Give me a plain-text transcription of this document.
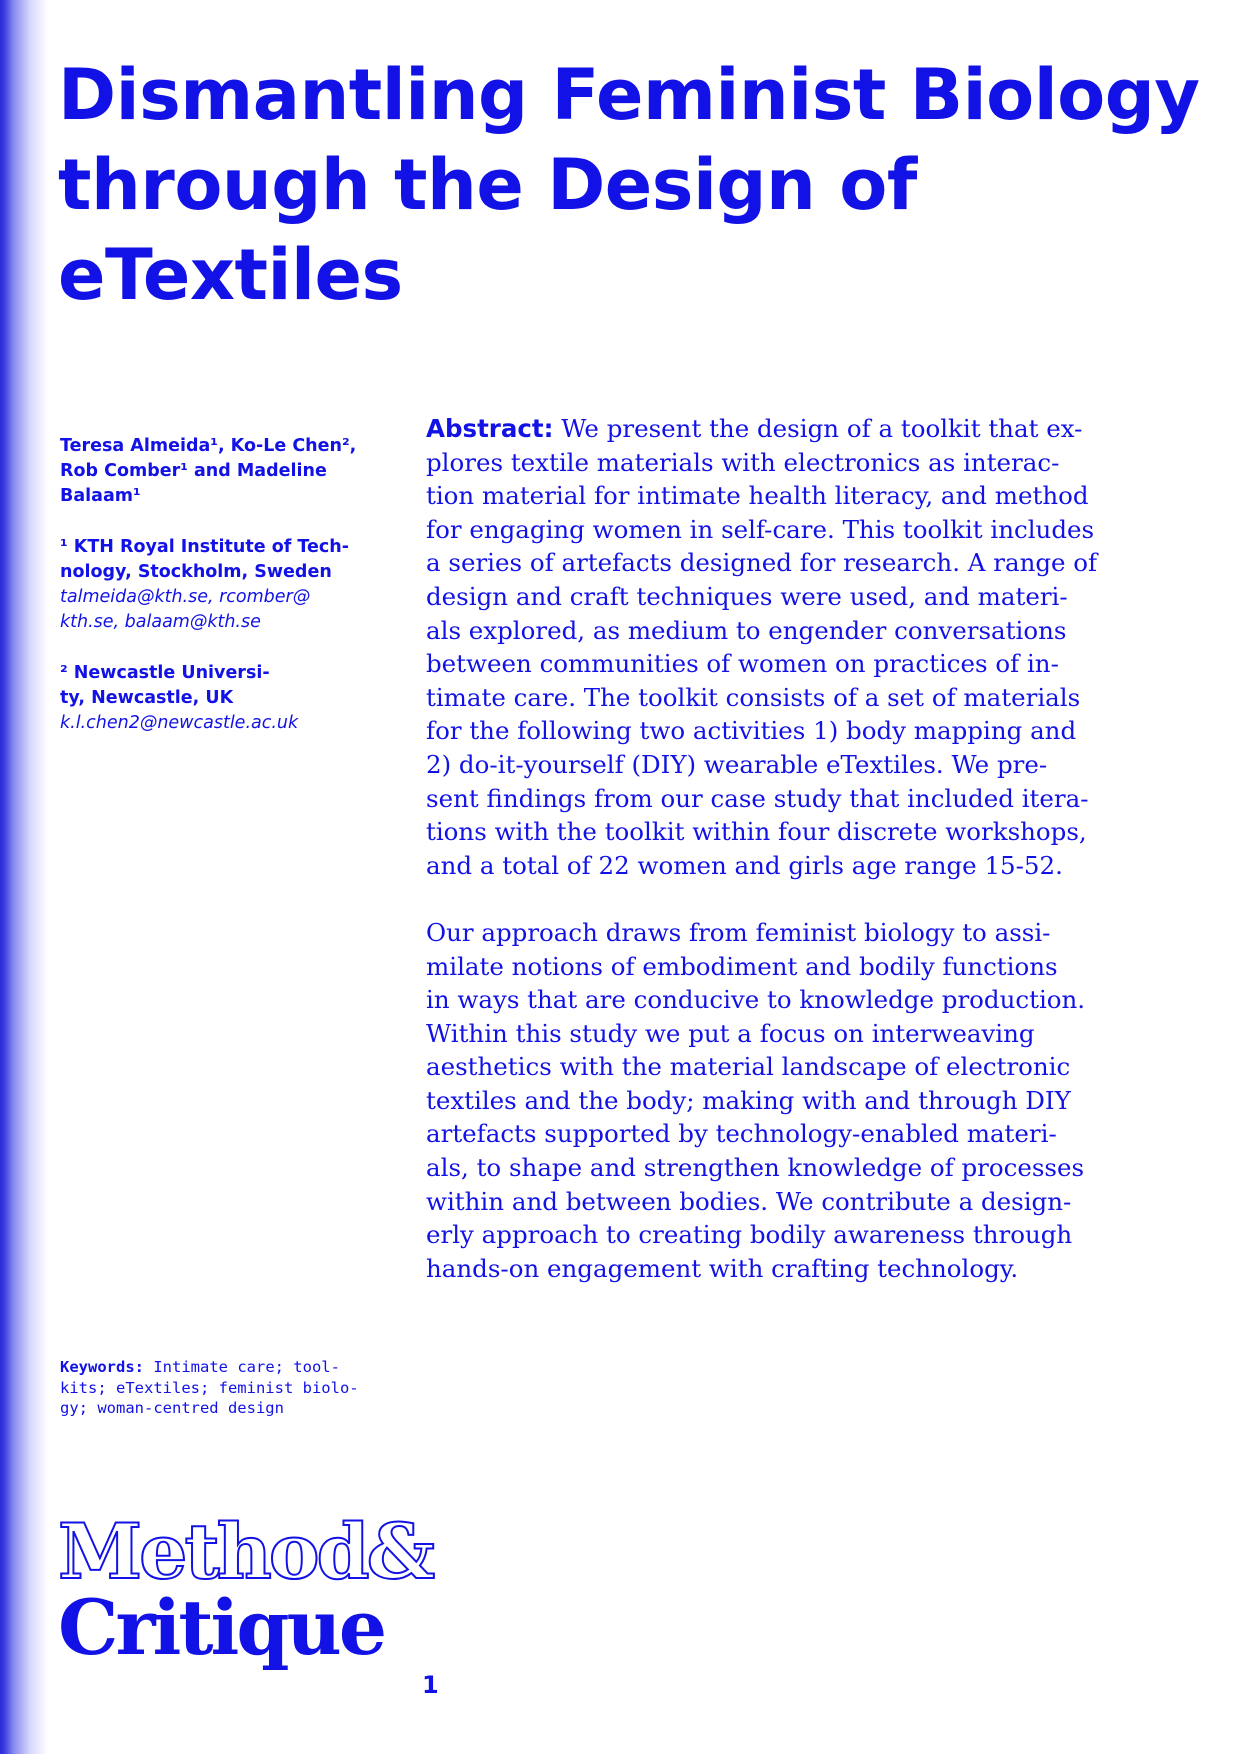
Dismantling Feminist Biology
through the Design of
eTextiles
Teresa Almeida¹, Ko-Le Chen²,
Rob Comber¹ and Madeline
Balaam¹
¹ KTH Royal Institute of Tech-
nology, Stockholm, Sweden
talmeida@kth.se, rcomber@
kth.se, balaam@kth.se
² Newcastle Universi-
ty, Newcastle, UK
k.l.chen2@newcastle.ac.uk
Abstract: We present the design of a toolkit that ex-
plores textile materials with electronics as interac-
tion material for intimate health literacy, and method
for engaging women in self-care. This toolkit includes
a series of artefacts designed for research. A range of
design and craft techniques were used, and materi-
als explored, as medium to engender conversations
between communities of women on practices of in-
timate care. The toolkit consists of a set of materials
for the following two activities 1) body mapping and
2) do-it-yourself (DIY) wearable eTextiles. We pre-
sent findings from our case study that included itera-
tions with the toolkit within four discrete workshops,
and a total of 22 women and girls age range 15-52.
Our approach draws from feminist biology to assi-
milate notions of embodiment and bodily functions
in ways that are conducive to knowledge production.
Within this study we put a focus on interweaving
aesthetics with the material landscape of electronic
textiles and the body; making with and through DIY
artefacts supported by technology-enabled materi-
als, to shape and strengthen knowledge of processes
within and between bodies. We contribute a design-
erly approach to creating bodily awareness through
hands-on engagement with crafting technology.
Keywords: Intimate care; tool-
kits; eTextiles; feminist biolo-
gy; woman-centred design
Method&
Critique
1
